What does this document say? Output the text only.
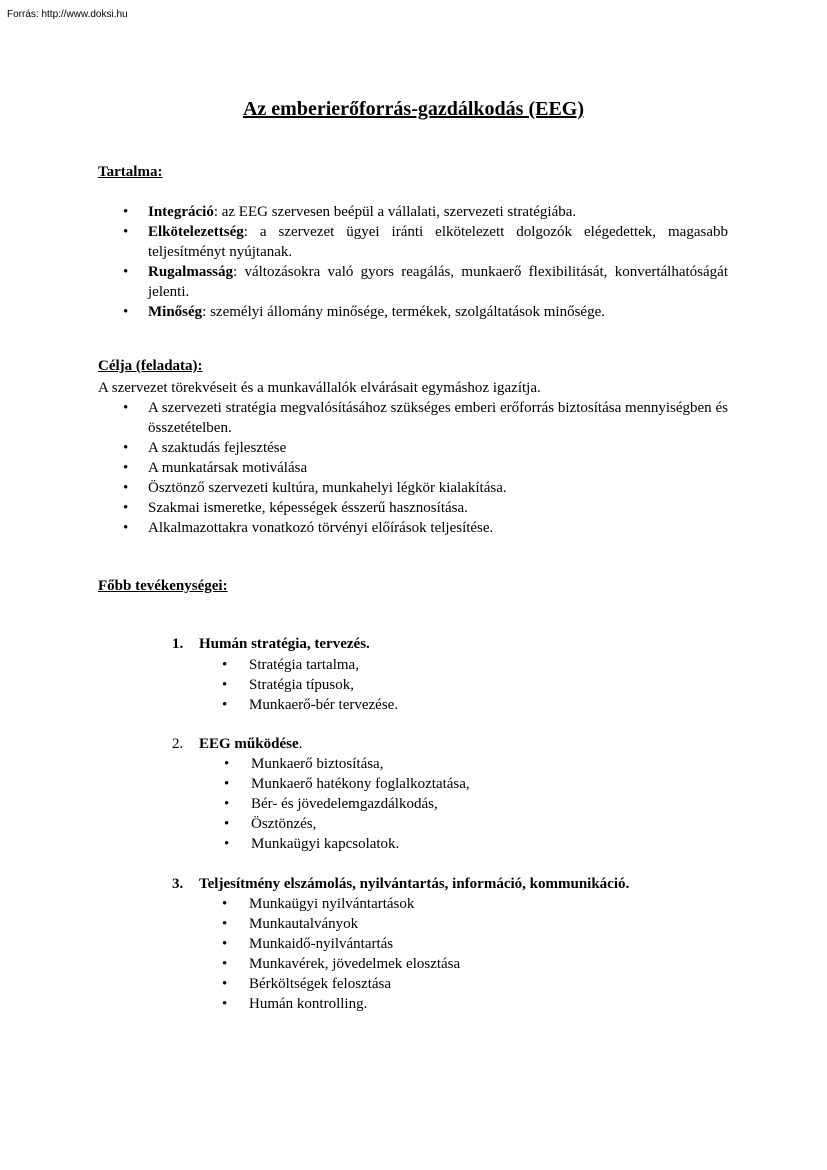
Forrás: http://www.doksi.hu
Az emberierőforrás-gazdálkodás (EEG)
Tartalma:
• Integráció: az EEG szervesen beépül a vállalati, szervezeti stratégiába.
• Elkötelezettség: a szervezet ügyei iránti elkötelezett dolgozók elégedettek, magasabb teljesítményt nyújtanak.
• Rugalmasság: változásokra való gyors reagálás, munkaerő flexibilitását, konvertálhatóságát jelenti.
• Minőség: személyi állomány minősége, termékek, szolgáltatások minősége.
Célja (feladata):
A szervezet törekvéseit és a munkavállalók elvárásait egymáshoz igazítja.
• A szervezeti stratégia megvalósításához szükséges emberi erőforrás biztosítása mennyiségben és összetételben.
• A szaktudás fejlesztése
• A munkatársak motiválása
• Ösztönző szervezeti kultúra, munkahelyi légkör kialakítása.
• Szakmai ismeretke, képességek ésszerű hasznosítása.
• Alkalmazottakra vonatkozó törvényi előírások teljesítése.
Főbb tevékenységei:
1. Humán stratégia, tervezés.
• Stratégia tartalma,
• Stratégia típusok,
• Munkaerő-bér tervezése.
2. EEG működése.
• Munkaerő biztosítása,
• Munkaerő hatékony foglalkoztatása,
• Bér- és jövedelemgazdálkodás,
• Ösztönzés,
• Munkaügyi kapcsolatok.
3. Teljesítmény elszámolás, nyilvántartás, információ, kommunikáció.
• Munkaügyi nyilvántartások
• Munkautalványok
• Munkaidő-nyilvántartás
• Munkavérek, jövedelmek elosztása
• Bérköltségek felosztása
• Humán kontrolling.
